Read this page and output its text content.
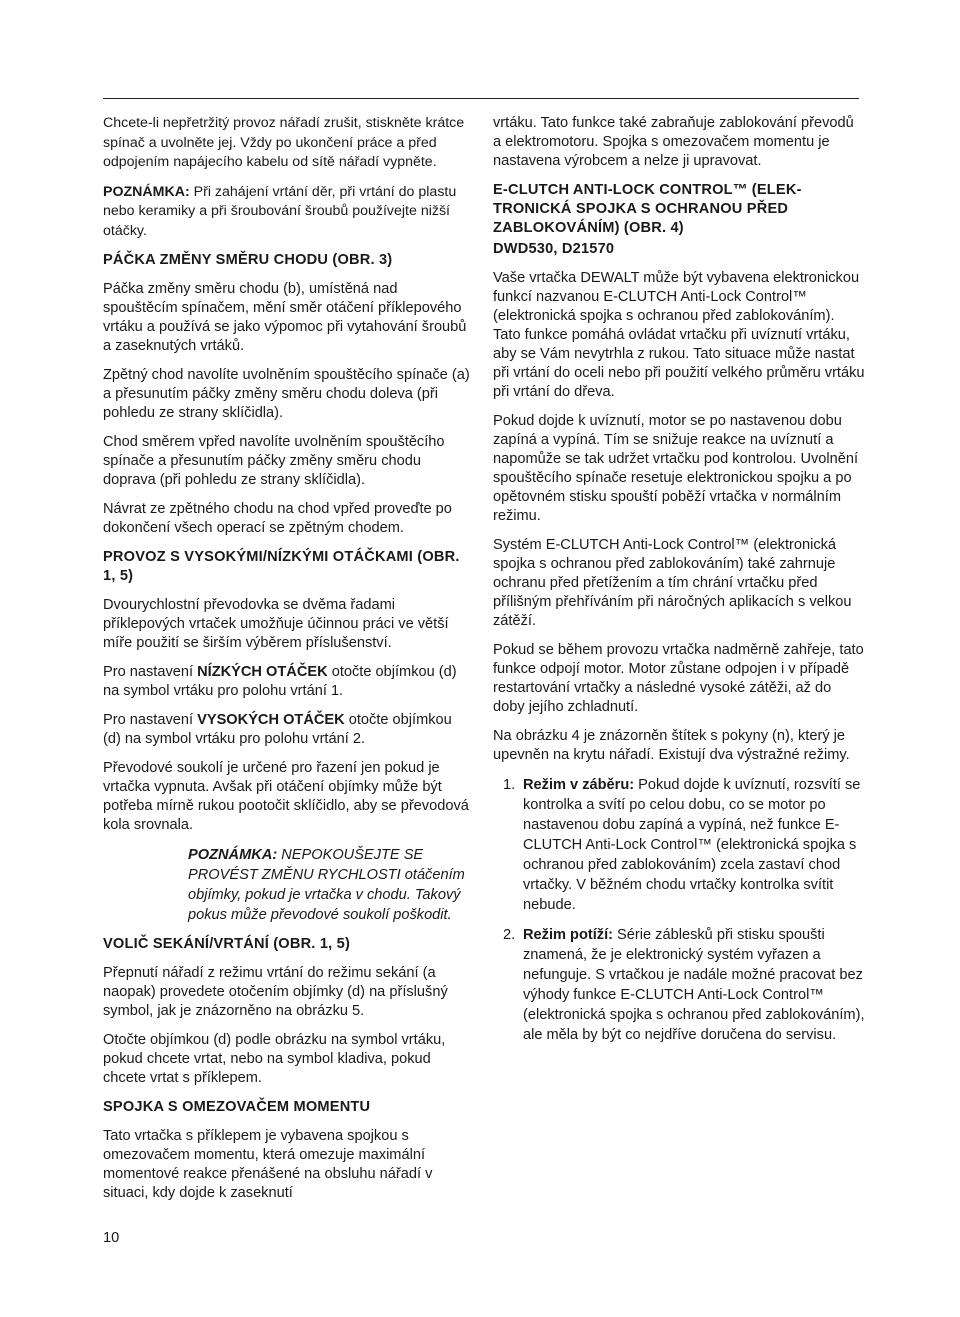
Chcete-li nepřetržitý provoz nářadí zrušit, stiskněte krátce spínač a uvolněte jej. Vždy po ukončení práce a před odpojením napájecího kabelu od sítě nářadí vypněte.

POZNÁMKA: Při zahájení vrtání děr, při vrtání do plastu nebo keramiky a při šroubování šroubů používejte nižší otáčky.

PÁČKA ZMĚNY SMĚRU CHODU (OBR. 3)

Páčka změny směru chodu (b), umístěná nad spouštěcím spínačem, mění směr otáčení příklepového vrtáku a používá se jako výpomoc při vytahování šroubů a zaseknutých vrtáků.

Zpětný chod navolíte uvolněním spouštěcího spínače (a) a přesunutím páčky změny směru chodu doleva (při pohledu ze strany sklíčidla).

Chod směrem vpřed navolíte uvolněním spouštěcího spínače a přesunutím páčky změny směru chodu doprava (při pohledu ze strany sklíčidla).

Návrat ze zpětného chodu na chod vpřed proveďte po dokončení všech operací se zpětným chodem.

PROVOZ S VYSOKÝMI/NÍZKÝMI OTÁČKAMI (OBR. 1, 5)

Dvourychlostní převodovka se dvěma řadami příklepových vrtaček umožňuje účinnou práci ve větší míře použití se širším výběrem příslušenství.

Pro nastavení NÍZKÝCH OTÁČEK otočte objímkou (d) na symbol vrtáku pro polohu vrtání 1.

Pro nastavení VYSOKÝCH OTÁČEK otočte objímkou (d) na symbol vrtáku pro polohu vrtání 2.

Převodové soukolí je určené pro řazení jen pokud je vrtačka vypnuta. Avšak při otáčení objímky může být potřeba mírně rukou pootočit sklíčidlo, aby se převodová kola srovnala.

POZNÁMKA: NEPOKOUŠEJTE SE PROVÉST ZMĚNU RYCHLOSTI otáčením objímky, pokud je vrtačka v chodu. Takový pokus může převodové soukolí poškodit.

VOLIČ SEKÁNÍ/VRTÁNÍ (OBR. 1, 5)

Přepnutí nářadí z režimu vrtání do režimu sekání (a naopak) provedete otočením objímky (d) na příslušný symbol, jak je znázorněno na obrázku 5.

Otočte objímkou (d) podle obrázku na symbol vrtáku, pokud chcete vrtat, nebo na symbol kladiva, pokud chcete vrtat s příklepem.

SPOJKA S OMEZOVAČEM MOMENTU

Tato vrtačka s příklepem je vybavena spojkou s omezovačem momentu, která omezuje maximální momentové reakce přenášené na obsluhu nářadí v situaci, kdy dojde k zaseknutí

vrtáku. Tato funkce také zabraňuje zablokování převodů a elektromotoru. Spojka s omezovačem momentu je nastavena výrobcem a nelze ji upravovat.

E-CLUTCH ANTI-LOCK CONTROL™ (ELEK-TRONICKÁ SPOJKA S OCHRANOU PŘED ZABLOKOVÁNÍM) (OBR. 4)
DWD530, D21570

Vaše vrtačka DEWALT může být vybavena elektronickou funkcí nazvanou E-CLUTCH Anti-Lock Control™ (elektronická spojka s ochranou před zablokováním). Tato funkce pomáhá ovládat vrtačku při uvíznutí vrtáku, aby se Vám nevytrhla z rukou. Tato situace může nastat při vrtání do oceli nebo při použití velkého průměru vrtáku při vrtání do dřeva.

Pokud dojde k uvíznutí, motor se po nastavenou dobu zapíná a vypíná. Tím se snižuje reakce na uvíznutí a napomůže se tak udržet vrtačku pod kontrolou. Uvolnění spouštěcího spínače resetuje elektronickou spojku a po opětovném stisku spouští poběží vrtačka v normálním režimu.

Systém E-CLUTCH Anti-Lock Control™ (elektronická spojka s ochranou před zablokováním) také zahrnuje ochranu před přetížením a tím chrání vrtačku před přílišným přehříváním při náročných aplikacích s velkou zátěží.

Pokud se během provozu vrtačka nadměrně zahřeje, tato funkce odpojí motor. Motor zůstane odpojen i v případě restartování vrtačky a následné vysoké zátěži, až do doby jejího zchladnutí.

Na obrázku 4 je znázorněn štítek s pokyny (n), který je upevněn na krytu nářadí. Existují dva výstražné režimy.

1. Režim v záběru: Pokud dojde k uvíznutí, rozsvítí se kontrolka a svítí po celou dobu, co se motor po nastavenou dobu zapíná a vypíná, než funkce E-CLUTCH Anti-Lock Control™ (elektronická spojka s ochranou před zablokováním) zcela zastaví chod vrtačky. V běžném chodu vrtačky kontrolka svítit nebude.
2. Režim potíží: Série záblesků při stisku spoušti znamená, že je elektronický systém vyřazen a nefunguje. S vrtačkou je nadále možné pracovat bez výhody funkce E-CLUTCH Anti-Lock Control™ (elektronická spojka s ochranou před zablokováním), ale měla by být co nejdříve doručena do servisu.
10
